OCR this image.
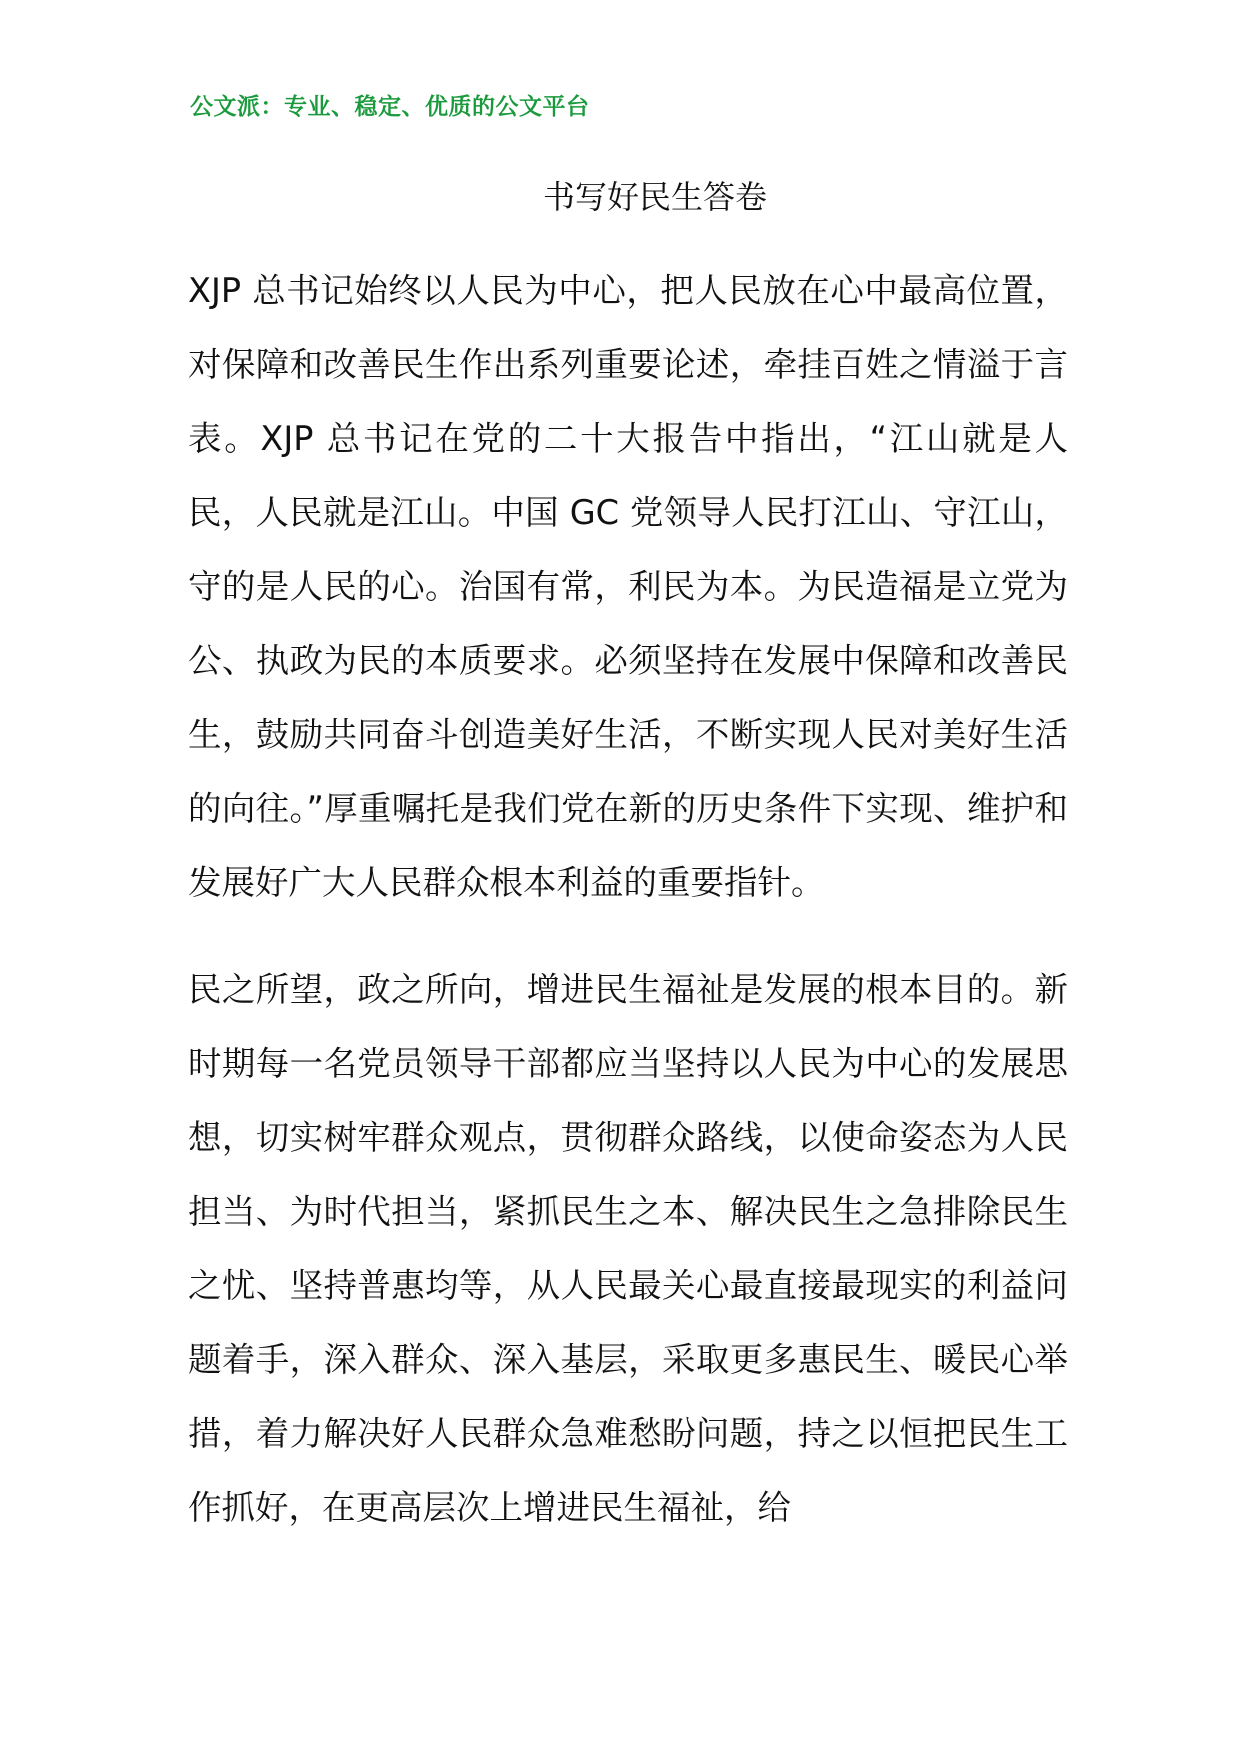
公文派：专业、稳定、优质的公文平台
书写好民生答卷

XJP 总书记始终以人民为中心，把人民放在心中最高位置，对保障和改善民生作出系列重要论述，牵挂百姓之情溢于言表。XJP 总书记在党的二十大报告中指出，“江山就是人民，人民就是江山。中国 GC 党领导人民打江山、守江山，守的是人民的心。治国有常，利民为本。为民造福是立党为公、执政为民的本质要求。必须坚持在发展中保障和改善民生，鼓励共同奋斗创造美好生活，不断实现人民对美好生活的向往。”厚重嘱托是我们党在新的历史条件下实现、维护和发展好广大人民群众根本利益的重要指针。

民之所望，政之所向，增进民生福祉是发展的根本目的。新时期每一名党员领导干部都应当坚持以人民为中心的发展思想，切实树牢群众观点，贯彻群众路线，以使命姿态为人民担当、为时代担当，紧抓民生之本、解决民生之急排除民生之忧、坚持普惠均等，从人民最关心最直接最现实的利益问题着手，深入群众、深入基层，采取更多惠民生、暖民心举措，着力解决好人民群众急难愁盼问题，持之以恒把民生工作抓好，在更高层次上增进民生福祉，给
